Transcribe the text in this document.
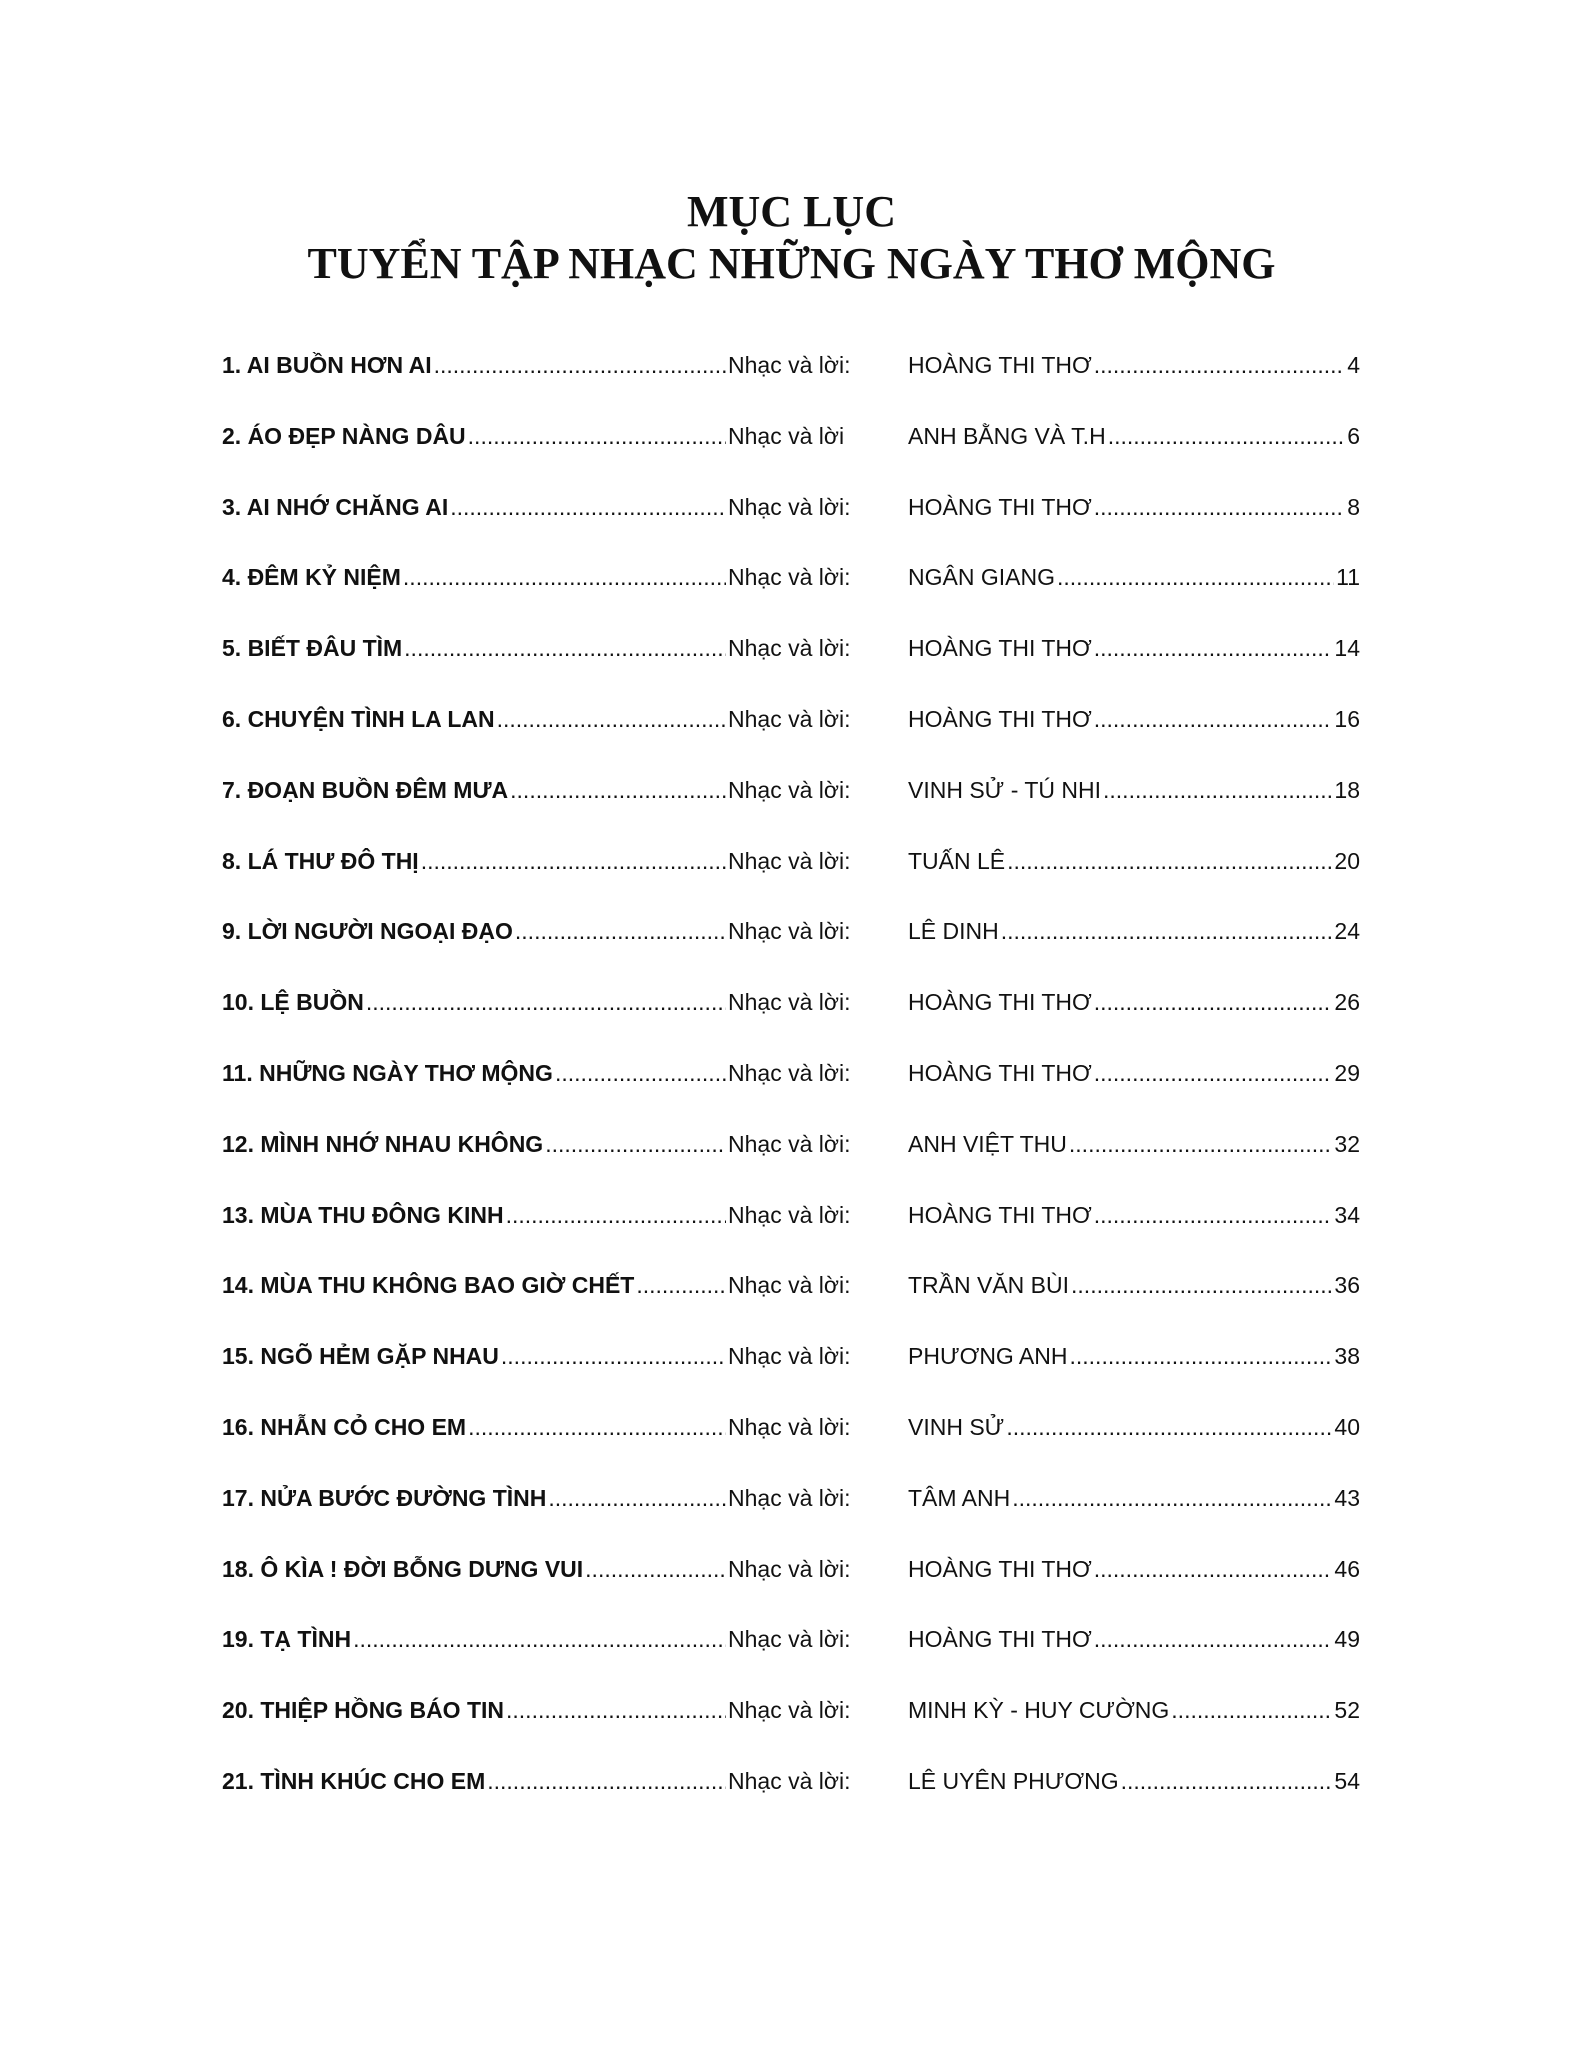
MỤC LỤC
TUYỂN TẬP NHẠC NHỮNG NGÀY THƠ MỘNG
1. AI BUỒN HƠN AI .....	Nhạc và lời:	HOÀNG THI THƠ .....	4
2. ÁO ĐẸP NÀNG DÂU .....	Nhạc và lời	ANH BẰNG VÀ T.H .....	6
3. AI NHỚ CHĂNG AI .....	Nhạc và lời:	HOÀNG THI THƠ .....	8
4. ĐÊM KỶ NIỆM .....	Nhạc và lời:	NGÂN GIANG .....	11
5. BIẾT ĐÂU TÌM .....	Nhạc và lời:	HOÀNG THI THƠ .....	14
6. CHUYỆN TÌNH LA LAN .....	Nhạc và lời:	HOÀNG THI THƠ .....	16
7. ĐOẠN BUỒN ĐÊM MƯA .....	Nhạc và lời:	VINH SỬ - TÚ NHI .....	18
8. LÁ THƯ ĐÔ THỊ .....	Nhạc và lời:	TUẤN LÊ .....	20
9. LỜI NGƯỜI NGOẠI ĐẠO .....	Nhạc và lời:	LÊ DINH .....	24
10. LỆ BUỒN .....	Nhạc và lời:	HOÀNG THI THƠ .....	26
11. NHỮNG NGÀY THƠ MỘNG .....	Nhạc và lời:	HOÀNG THI THƠ .....	29
12. MÌNH NHỚ NHAU KHÔNG .....	Nhạc và lời:	ANH VIỆT THU .....	32
13. MÙA THU ĐÔNG KINH .....	Nhạc và lời:	HOÀNG THI THƠ .....	34
14. MÙA THU KHÔNG BAO GIỜ CHẾT .....	Nhạc và lời:	TRẦN VĂN BÙI .....	36
15. NGÕ HẺM GẶP NHAU .....	Nhạc và lời:	PHƯƠNG ANH .....	38
16. NHẪN CỎ CHO EM .....	Nhạc và lời:	VINH SỬ .....	40
17. NỬA BƯỚC ĐƯỜNG TÌNH .....	Nhạc và lời:	TÂM ANH .....	43
18. Ô KÌA ! ĐỜI BỖNG DƯNG VUI .....	Nhạc và lời:	HOÀNG THI THƠ .....	46
19. TẠ TÌNH .....	Nhạc và lời:	HOÀNG THI THƠ .....	49
20. THIỆP HỒNG BÁO TIN .....	Nhạc và lời:	MINH KỲ - HUY CƯỜNG .....	52
21. TÌNH KHÚC CHO EM .....	Nhạc và lời:	LÊ UYÊN PHƯƠNG .....	54
